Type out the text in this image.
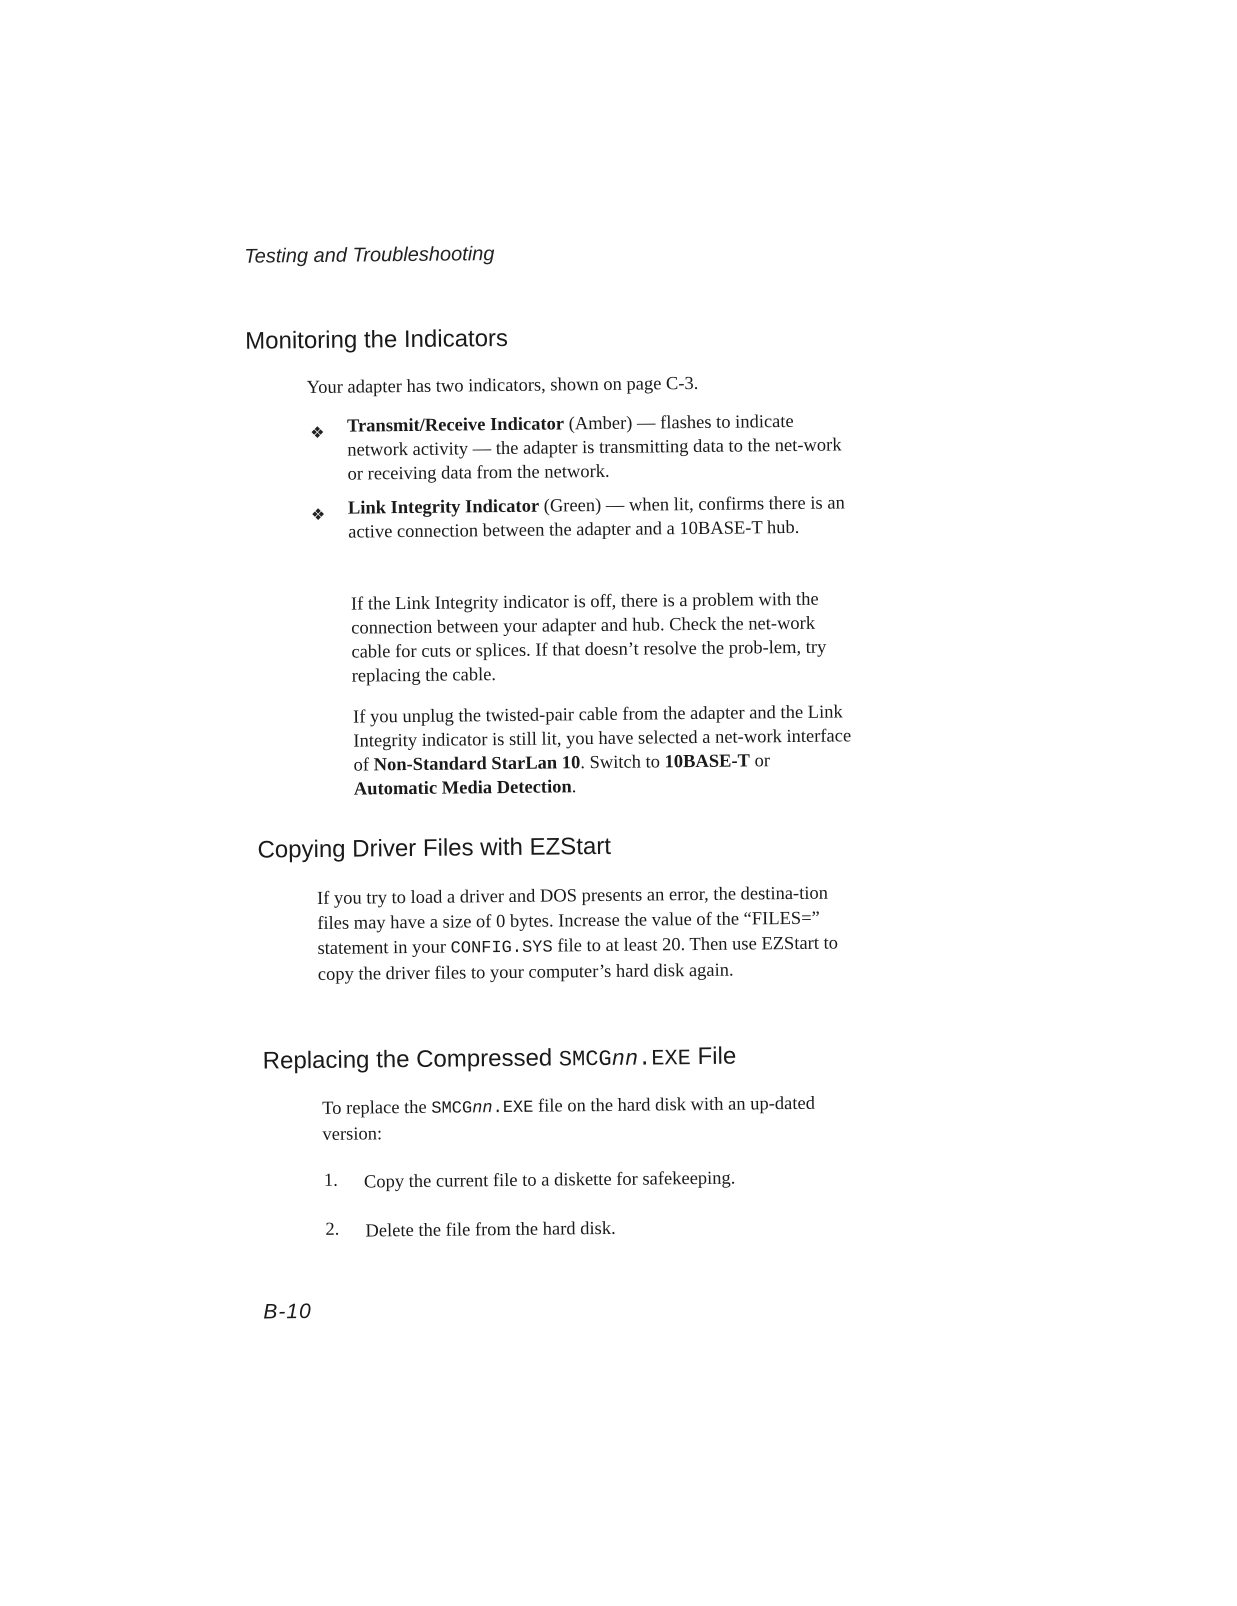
Testing and Troubleshooting
Monitoring the Indicators

Your adapter has two indicators, shown on page C-3.

❖ Transmit/Receive Indicator (Amber) — flashes to indicate network activity — the adapter is transmitting data to the net-work or receiving data from the network.

❖ Link Integrity Indicator (Green) — when lit, confirms there is an active connection between the adapter and a 10BASE-T hub.

If the Link Integrity indicator is off, there is a problem with the connection between your adapter and hub. Check the net-work cable for cuts or splices. If that doesn’t resolve the prob-lem, try replacing the cable.

If you unplug the twisted-pair cable from the adapter and the Link Integrity indicator is still lit, you have selected a net-work interface of Non-Standard StarLan 10. Switch to 10BASE-T or Automatic Media Detection.

Copying Driver Files with EZStart

If you try to load a driver and DOS presents an error, the destina-tion files may have a size of 0 bytes. Increase the value of the “FILES=” statement in your CONFIG.SYS file to at least 20. Then use EZStart to copy the driver files to your computer’s hard disk again.

Replacing the Compressed SMCGnn.EXE File

To replace the SMCGnn.EXE file on the hard disk with an up-dated version:

1. Copy the current file to a diskette for safekeeping.

2. Delete the file from the hard disk.

B-10
